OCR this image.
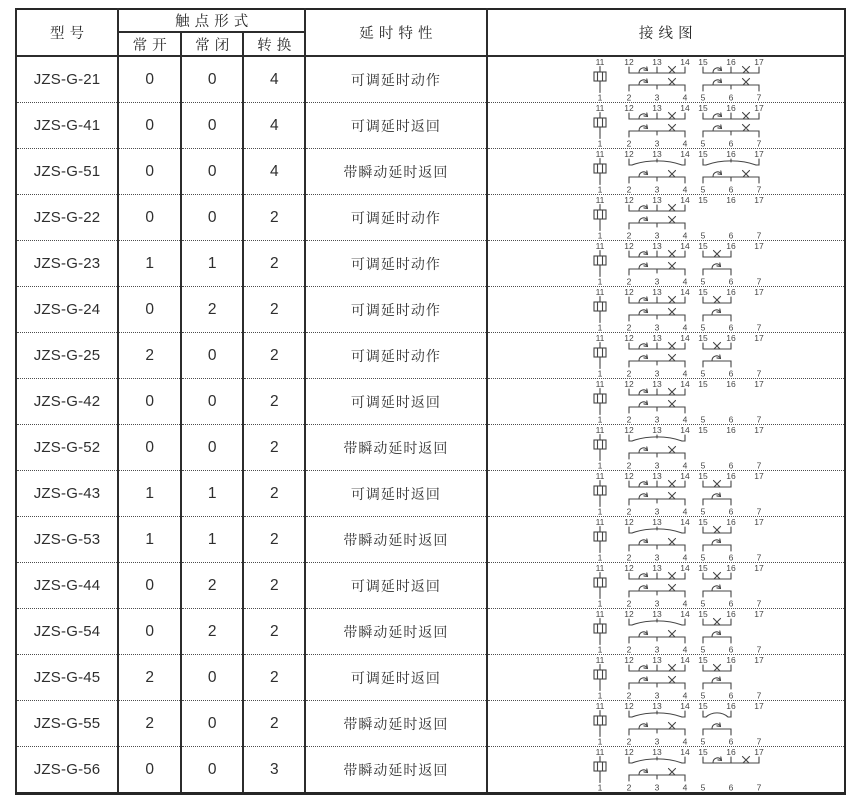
型号	触点形式			延时特性	接线图
	常开	常闭	转换		
JZS-G-21	0	0	4	可调延时动作	
11 12 13 14 15 16 17
1	2	3	4 5	6	7

JZS-G-41	0	0	4	可调延时返回	
11 12 13 14 15 16 17
1	2	3	4 5	6	7

JZS-G-51	0	0	4	带瞬动延时返回	
11 12 13 14 15 16 17
1	2	3	4 5	6	7

JZS-G-22	0	0	2	可调延时动作	
11 12 13 14 15 16 17
1	2	3	4 5	6	7

JZS-G-23	1	1	2	可调延时动作	
11 12 13 14 15 16 17
1	2	3	4 5	6	7

JZS-G-24	0	2	2	可调延时动作	
11 12 13 14 15 16 17
1	2	3	4 5	6	7

JZS-G-25	2	0	2	可调延时动作	
11 12 13 14 15 16 17
1	2	3	4 5	6	7

JZS-G-42	0	0	2	可调延时返回	
11 12 13 14 15 16 17
1	2	3	4 5	6	7

JZS-G-52	0	0	2	带瞬动延时返回	
11 12 13 14 15 16 17
1	2	3	4 5	6	7

JZS-G-43	1	1	2	可调延时返回	
11 12 13 14 15 16 17
1	2	3	4 5	6	7

JZS-G-53	1	1	2	带瞬动延时返回	
11 12 13 14 15 16 17
1	2	3	4 5	6	7

JZS-G-44	0	2	2	可调延时返回	
11 12 13 14 15 16 17
1	2	3	4 5	6	7

JZS-G-54	0	2	2	带瞬动延时返回	
11 12 13 14 15 16 17
1	2	3	4 5	6	7

JZS-G-45	2	0	2	可调延时返回	
11 12 13 14 15 16 17
1	2	3	4 5	6	7

JZS-G-55	2	0	2	带瞬动延时返回	
11 12 13 14 15 16 17
1	2	3	4 5	6	7

JZS-G-56	0	0	3	带瞬动延时返回	
11 12 13 14 15 16 17
1	2	3	4 5	6	7
